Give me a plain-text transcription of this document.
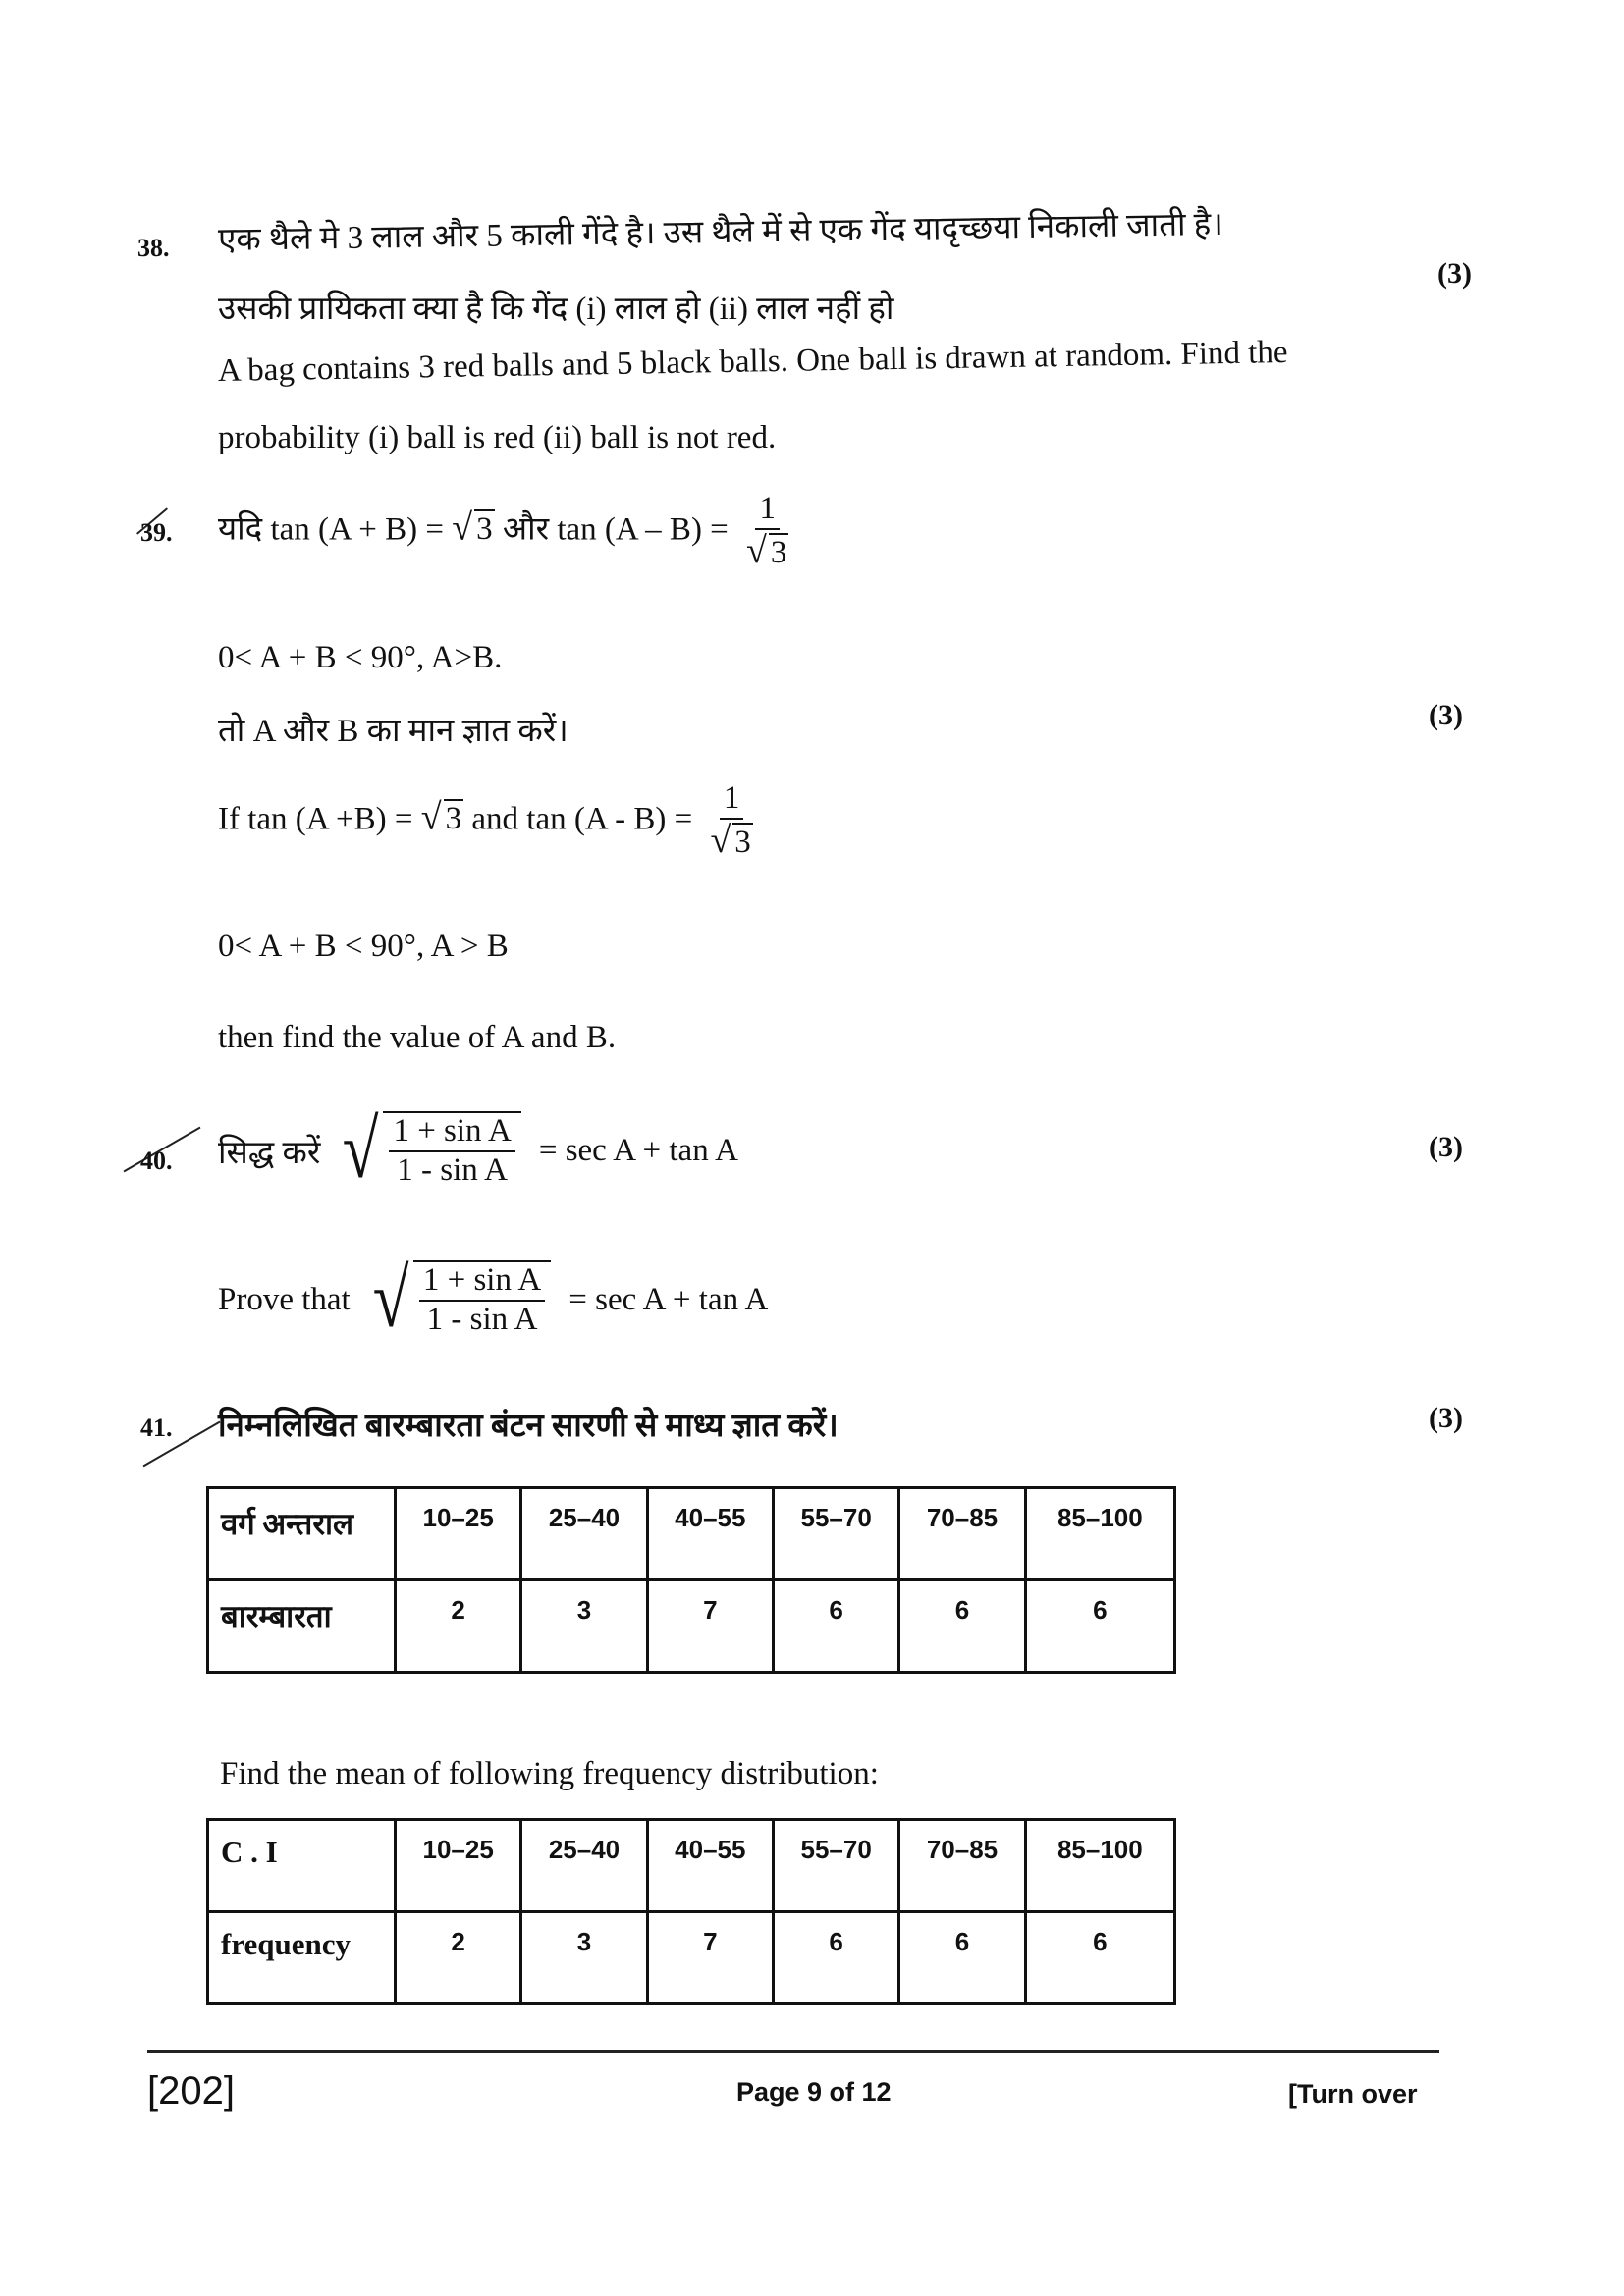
38. एक थैले मे 3 लाल और 5 काली गेंदे है। उस थैले में से एक गेंद यादृच्छया निकाली जाती है।
उसकी प्रायिकता क्या है कि गेंद (i) लाल हो (ii) लाल नहीं हो
(3)
A bag contains 3 red balls and 5 black balls. One ball is drawn at random. Find the
probability (i) ball is red (ii) ball is not red.
39. यदि tan (A + B) = √ 3 और $\tan (A - B) = \frac{1}{√ 3}$
0< A + B < 90°, A>B.
तो A और B का मान ज्ञात करें।	(3)
If tan (A +B) = √ 3 and $\tan (A - B) = \frac{1}{√ 3}$
0< A + B < 90°, A > B
then find the value of A and B.
40. सिद्ध करें √ $\frac{\text{1 + sin A}}{\text{1 - sin A}} = \sec A + \tan A$	(3)
Prove that √ $\frac{\text{1 + sin A}}{\text{1 - sin A}} = \sec A + \tan A$
41. निम्नलिखित बारम्बारता बंटन सारणी से माध्य ज्ञात करें।	(3)
वर्ग अन्तराल	10–25	25–40	40–55	55–70	70–85	85–100
बारम्बारता	2	3	7	6	6	6
Find the mean of following frequency distribution:
C . I	10–25	25–40	40–55	55–70	70–85	85–100
frequency	2	3	7	6	6	6
[202]	Page 9 of 12	[Turn over
